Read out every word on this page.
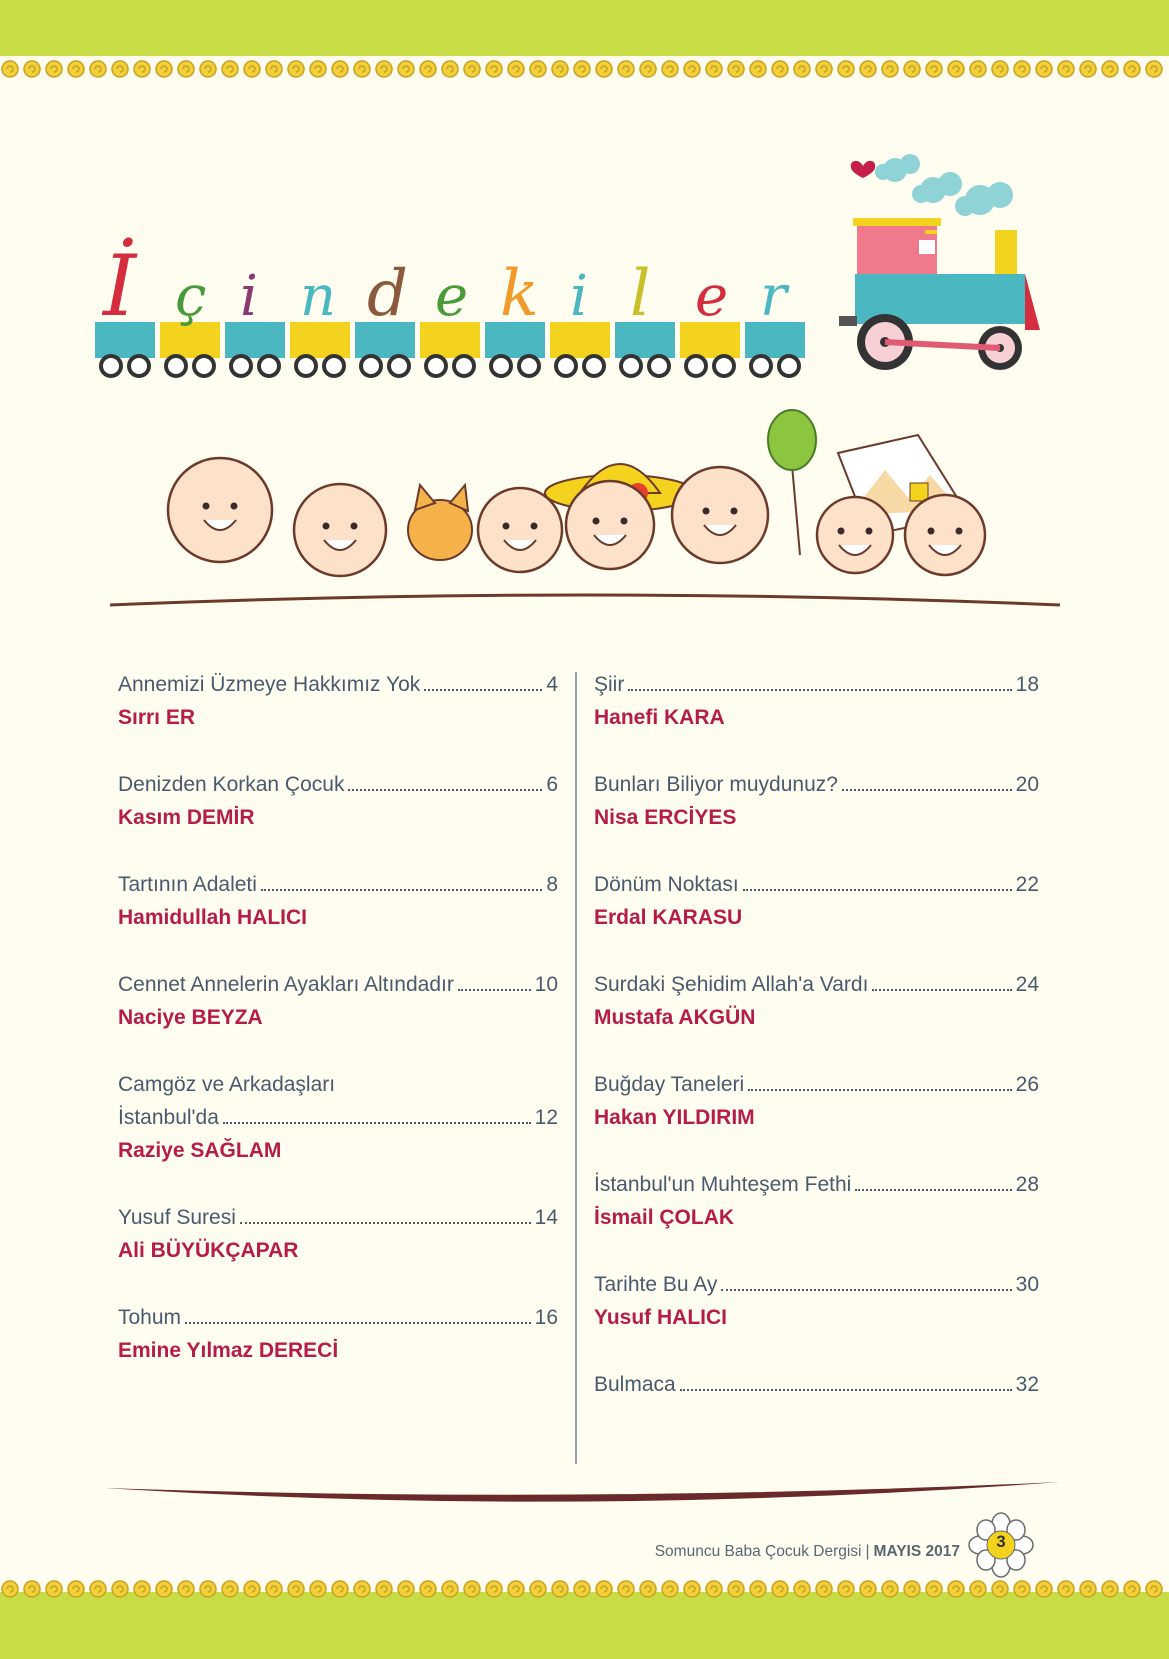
İ ç i n d e k i l e r
Annemizi Üzmeye Hakkımız Yok	4
Sırrı ER
Denizden Korkan Çocuk	6
Kasım DEMİR
Tartının Adaleti	8
Hamidullah HALICI
Cennet Annelerin Ayakları Altındadır	10
Naciye BEYZA
Camgöz ve Arkadaşları
İstanbul'da	12
Raziye SAĞLAM
Yusuf Suresi	14
Ali BÜYÜKÇAPAR
Tohum	16
Emine Yılmaz DERECİ
Şiir	18
Hanefi KARA
Bunları Biliyor muydunuz?	20
Nisa ERCİYES
Dönüm Noktası	22
Erdal KARASU
Surdaki Şehidim Allah'a Vardı	24
Mustafa AKGÜN
Buğday Taneleri	26
Hakan YILDIRIM
İstanbul'un Muhteşem Fethi	28
İsmail ÇOLAK
Tarihte Bu Ay	30
Yusuf HALICI
Bulmaca	32
Somuncu Baba Çocuk Dergisi | MAYIS 2017
3
